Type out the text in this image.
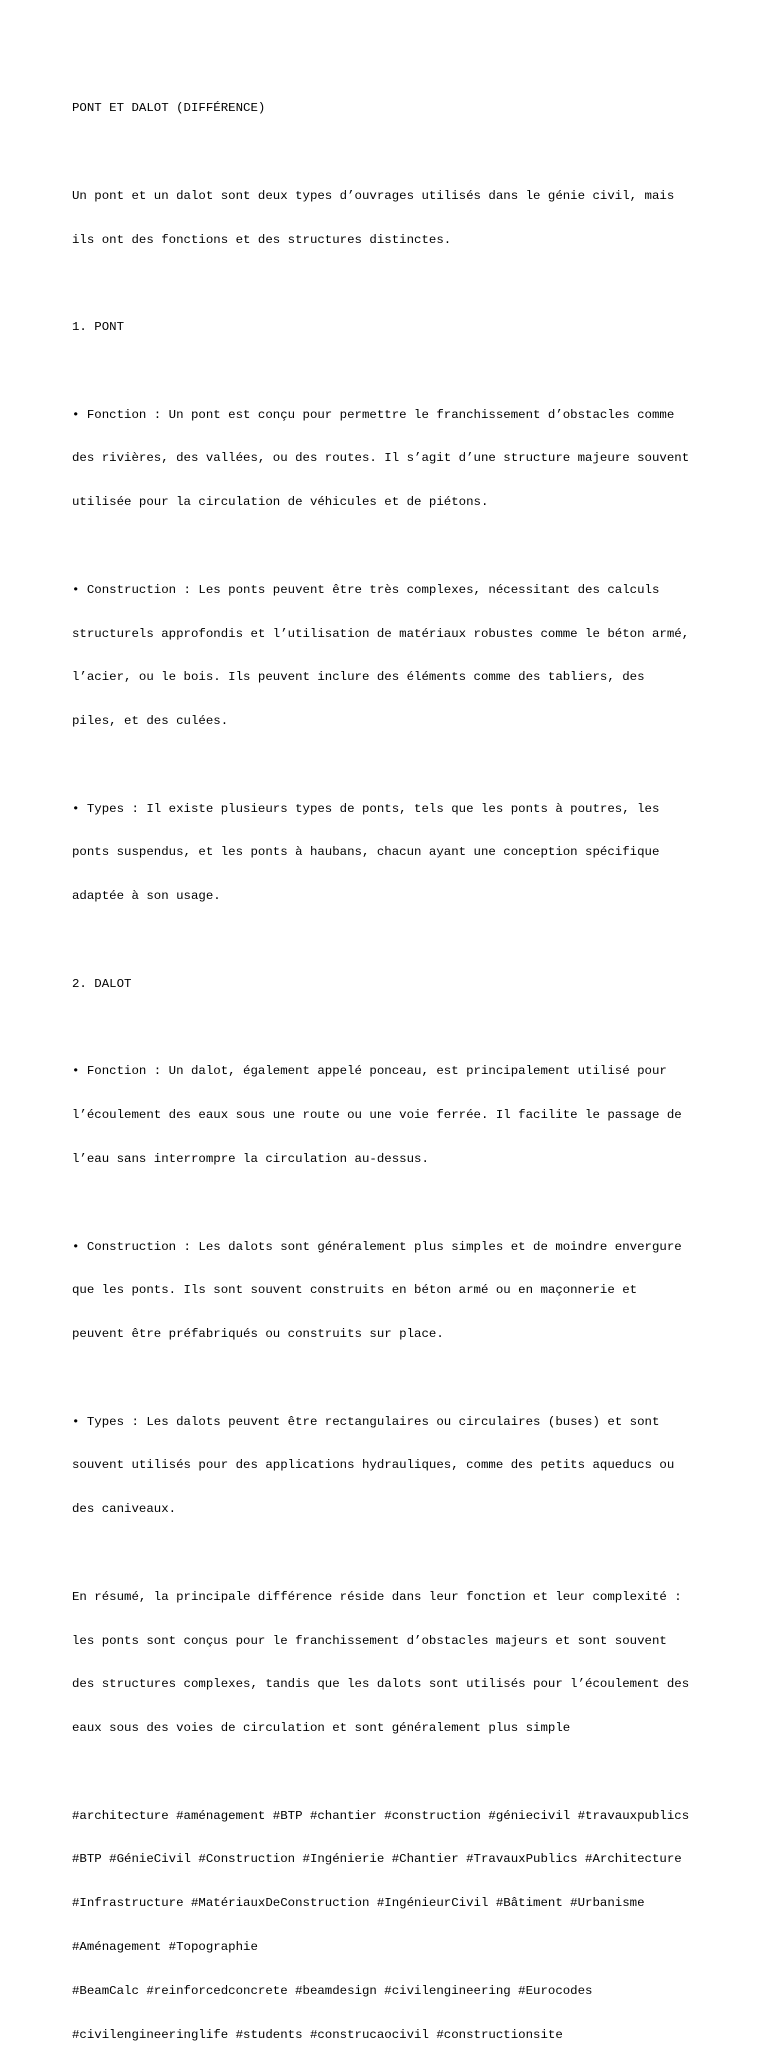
PONT ET DALOT (DIFFÉRENCE)

Un pont et un dalot sont deux types d’ouvrages utilisés dans le génie civil, mais

ils ont des fonctions et des structures distinctes.

1. PONT

• Fonction : Un pont est conçu pour permettre le franchissement d’obstacles comme

des rivières, des vallées, ou des routes. Il s’agit d’une structure majeure souvent

utilisée pour la circulation de véhicules et de piétons.

• Construction : Les ponts peuvent être très complexes, nécessitant des calculs

structurels approfondis et l’utilisation de matériaux robustes comme le béton armé,

l’acier, ou le bois. Ils peuvent inclure des éléments comme des tabliers, des

piles, et des culées.

• Types : Il existe plusieurs types de ponts, tels que les ponts à poutres, les

ponts suspendus, et les ponts à haubans, chacun ayant une conception spécifique

adaptée à son usage.

2. DALOT

• Fonction : Un dalot, également appelé ponceau, est principalement utilisé pour

l’écoulement des eaux sous une route ou une voie ferrée. Il facilite le passage de

l’eau sans interrompre la circulation au-dessus.

• Construction : Les dalots sont généralement plus simples et de moindre envergure

que les ponts. Ils sont souvent construits en béton armé ou en maçonnerie et

peuvent être préfabriqués ou construits sur place.

• Types : Les dalots peuvent être rectangulaires ou circulaires (buses) et sont

souvent utilisés pour des applications hydrauliques, comme des petits aqueducs ou

des caniveaux.

En résumé, la principale différence réside dans leur fonction et leur complexité :

les ponts sont conçus pour le franchissement d’obstacles majeurs et sont souvent

des structures complexes, tandis que les dalots sont utilisés pour l’écoulement des

eaux sous des voies de circulation et sont généralement plus simple

#architecture #aménagement #BTP #chantier #construction #géniecivil #travauxpublics

#BTP #GénieCivil #Construction #Ingénierie #Chantier #TravauxPublics #Architecture

#Infrastructure #MatériauxDeConstruction #IngénieurCivil #Bâtiment #Urbanisme

#Aménagement #Topographie

#BeamCalc #reinforcedconcrete #beamdesign #civilengineering #Eurocodes

#civilengineeringlife #students #construcaocivil #constructionsite
